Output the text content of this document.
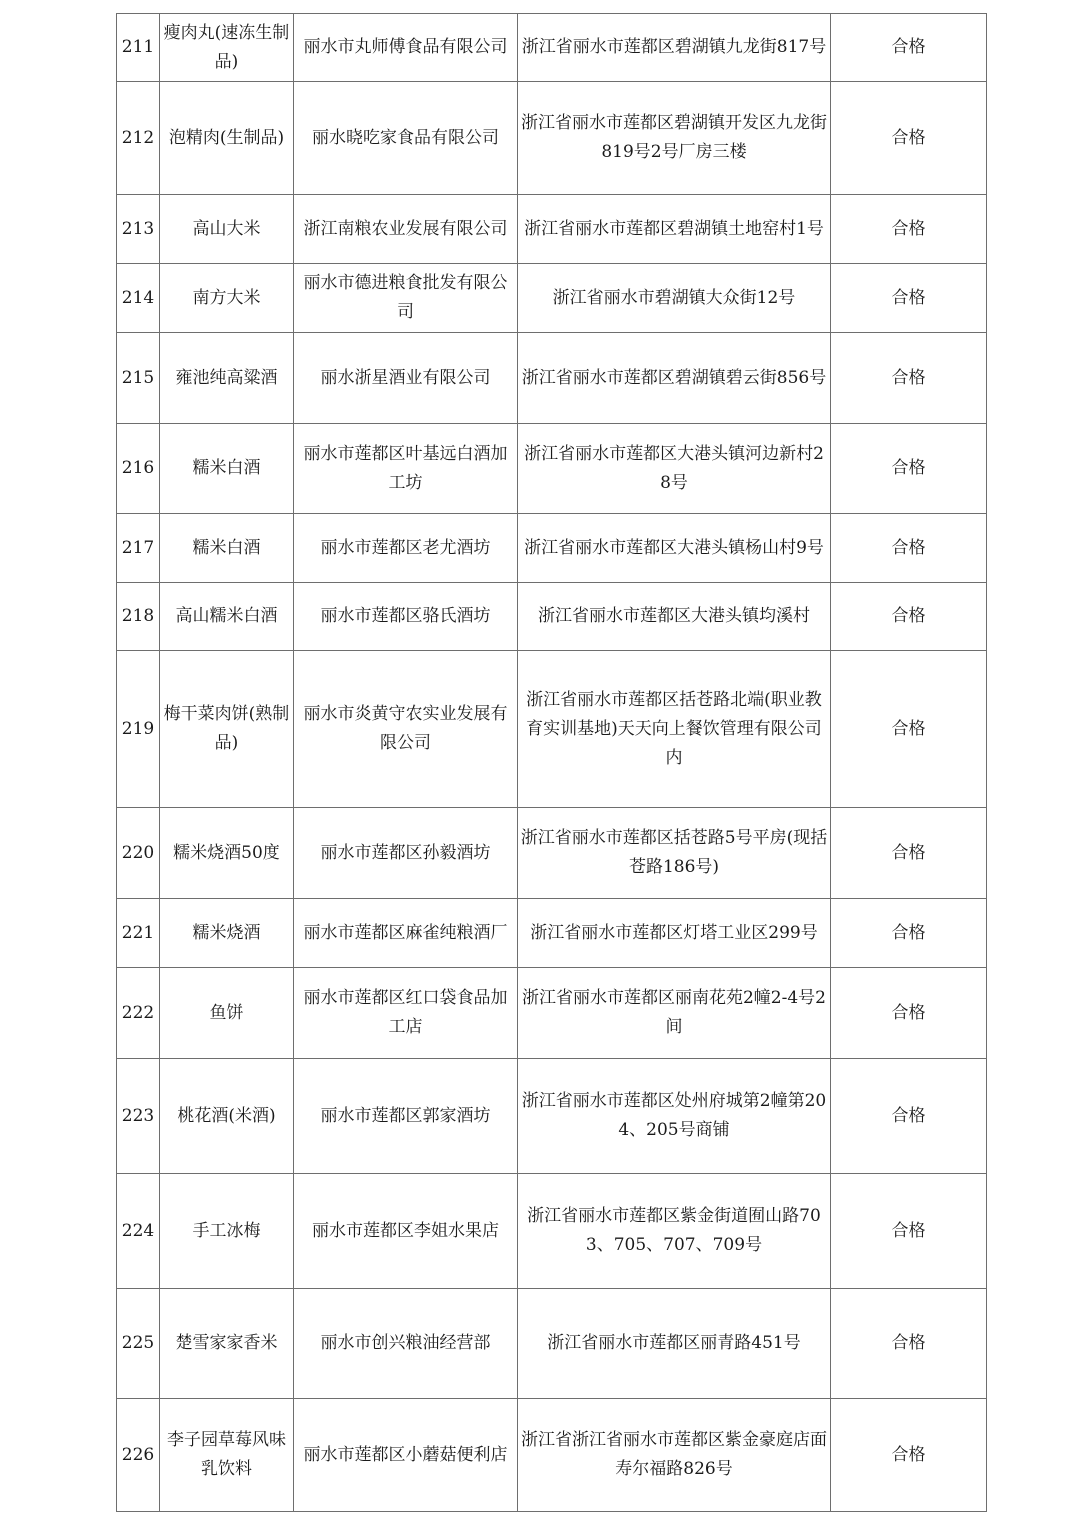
211	瘦肉丸(速冻生制品)	丽水市丸师傅食品有限公司	浙江省丽水市莲都区碧湖镇九龙街817号	合格
212	泡精肉(生制品)	丽水晓吃家食品有限公司	浙江省丽水市莲都区碧湖镇开发区九龙街819号2号厂房三楼	合格
213	高山大米	浙江南粮农业发展有限公司	浙江省丽水市莲都区碧湖镇土地窑村1号	合格
214	南方大米	丽水市德进粮食批发有限公司	浙江省丽水市碧湖镇大众街12号	合格
215	雍池纯高粱酒	丽水浙星酒业有限公司	浙江省丽水市莲都区碧湖镇碧云街856号	合格
216	糯米白酒	丽水市莲都区叶基远白酒加工坊	浙江省丽水市莲都区大港头镇河边新村28号	合格
217	糯米白酒	丽水市莲都区老尤酒坊	浙江省丽水市莲都区大港头镇杨山村9号	合格
218	高山糯米白酒	丽水市莲都区骆氏酒坊	浙江省丽水市莲都区大港头镇均溪村	合格
219	梅干菜肉饼(熟制品)	丽水市炎黄守农实业发展有限公司	浙江省丽水市莲都区括苍路北端(职业教育实训基地)天天向上餐饮管理有限公司内	合格
220	糯米烧酒50度	丽水市莲都区孙毅酒坊	浙江省丽水市莲都区括苍路5号平房(现括苍路186号)	合格
221	糯米烧酒	丽水市莲都区麻雀纯粮酒厂	浙江省丽水市莲都区灯塔工业区299号	合格
222	鱼饼	丽水市莲都区红口袋食品加工店	浙江省丽水市莲都区丽南花苑2幢2-4号2间	合格
223	桃花酒(米酒)	丽水市莲都区郭家酒坊	浙江省丽水市莲都区处州府城第2幢第204、205号商铺	合格
224	手工冰梅	丽水市莲都区李姐水果店	浙江省丽水市莲都区紫金街道囿山路703、705、707、709号	合格
225	楚雪家家香米	丽水市创兴粮油经营部	浙江省丽水市莲都区丽青路451号	合格
226	李子园草莓风味乳饮料	丽水市莲都区小蘑菇便利店	浙江省浙江省丽水市莲都区紫金豪庭店面寿尔福路826号	合格
